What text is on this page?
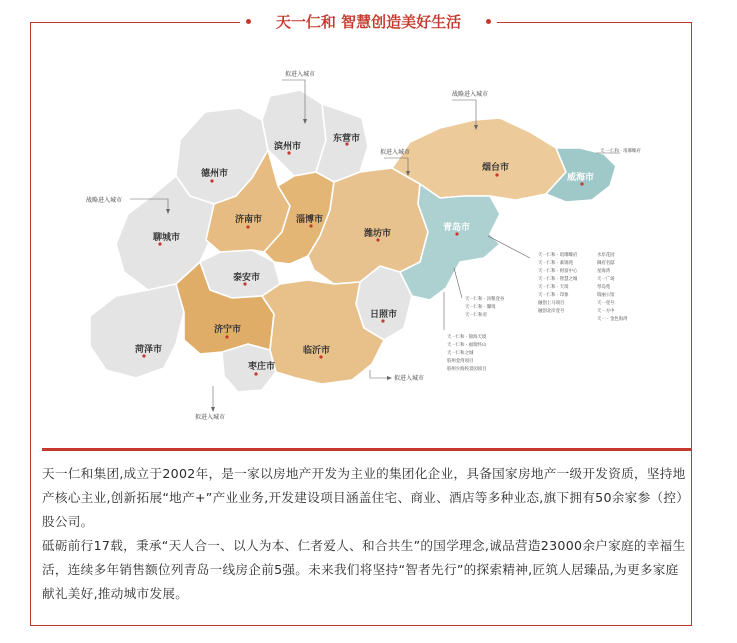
天一仁和 智慧创造美好生活
德州市
滨州市
东营市
聊城市
济南市	淄博市
潍坊市
烟台市
威海市
青岛市
泰安市
济宁市
菏泽市
枣庄市
临沂市
日照市
拟进入城市
战略进入城市
战略进入城市
拟进入城市
拟进入城市
拟进入城市
天一·仁和 · 琅琊臻府
天一仁和 · 琅琊臻府
天一仁和 · 素锦苑
天一仁和 · 财富中心
天一仁和 · 智慧之城
天一仁和 · 天境
天一仁和 · 印象
融创上马项目
融创北岸壹号
水岸花园
御府名邸
星海湾
天一广场
琴岛苑
瑞丽公馆
天一壹号
天一方中
天一 · 金色海湾
天一仁和 · 顶粮壹谷
天一仁和 · 馨境
天一仁和府
天一仁和 · 锦海天境
天一仁和 · 福瑞怀山
天一仁和之城
胶州金湾项目
胶州少海校景园项目

天一仁和集团,成立于2002年，是一家以房地产开发为主业的集团化企业，具备国家房地产一级开发资质，坚持地产核心主业,创新拓展“地产+”产业业务,开发建设项目涵盖住宅、商业、酒店等多种业态,旗下拥有50余家参（控）股公司。

砥砺前行17载，秉承“天人合一、以人为本、仁者爱人、和合共生”的国学理念,诚品营造23000余户家庭的幸福生活，连续多年销售额位列青岛一线房企前5强。未来我们将坚持“智者先行”的探索精神,匠筑人居臻品,为更多家庭献礼美好,推动城市发展。
